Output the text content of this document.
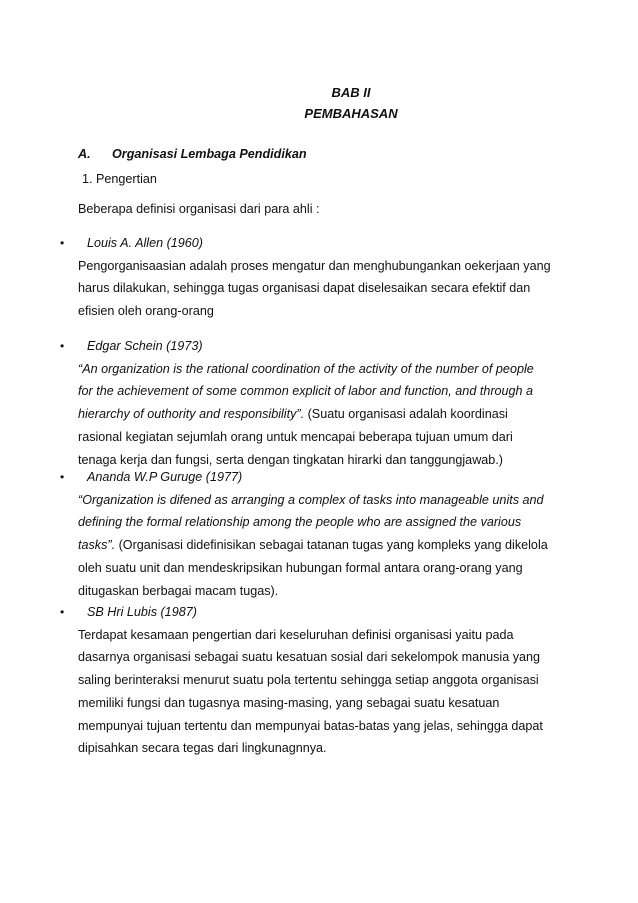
BAB II
PEMBAHASAN
A. Organisasi Lembaga Pendidikan
1. Pengertian
Beberapa definisi organisasi dari para ahli :
• Louis A. Allen (1960)
Pengorganisaasian adalah proses mengatur dan menghubungankan oekerjaan yang
harus dilakukan, sehingga tugas organisasi dapat diselesaikan secara efektif dan
efisien oleh orang-orang
• Edgar Schein (1973)
“An organization is the rational coordination of the activity of the number of people
for the achievement of some common explicit of labor and function, and through a
hierarchy of outhority and responsibility”. (Suatu organisasi adalah koordinasi
rasional kegiatan sejumlah orang untuk mencapai beberapa tujuan umum dari
tenaga kerja dan fungsi, serta dengan tingkatan hirarki dan tanggungjawab.)
• Ananda W.P Guruge (1977)
“Organization is difened as arranging a complex of tasks into manageable units and
defining the formal relationship among the people who are assigned the various
tasks”. (Organisasi didefinisikan sebagai tatanan tugas yang kompleks yang dikelola
oleh suatu unit dan mendeskripsikan hubungan formal antara orang-orang yang
ditugaskan berbagai macam tugas).
• SB Hri Lubis (1987)
Terdapat kesamaan pengertian dari keseluruhan definisi organisasi yaitu pada
dasarnya organisasi sebagai suatu kesatuan sosial dari sekelompok manusia yang
saling berinteraksi menurut suatu pola tertentu sehingga setiap anggota organisasi
memiliki fungsi dan tugasnya masing-masing, yang sebagai suatu kesatuan
mempunyai tujuan tertentu dan mempunyai batas-batas yang jelas, sehingga dapat
dipisahkan secara tegas dari lingkunagnnya.
